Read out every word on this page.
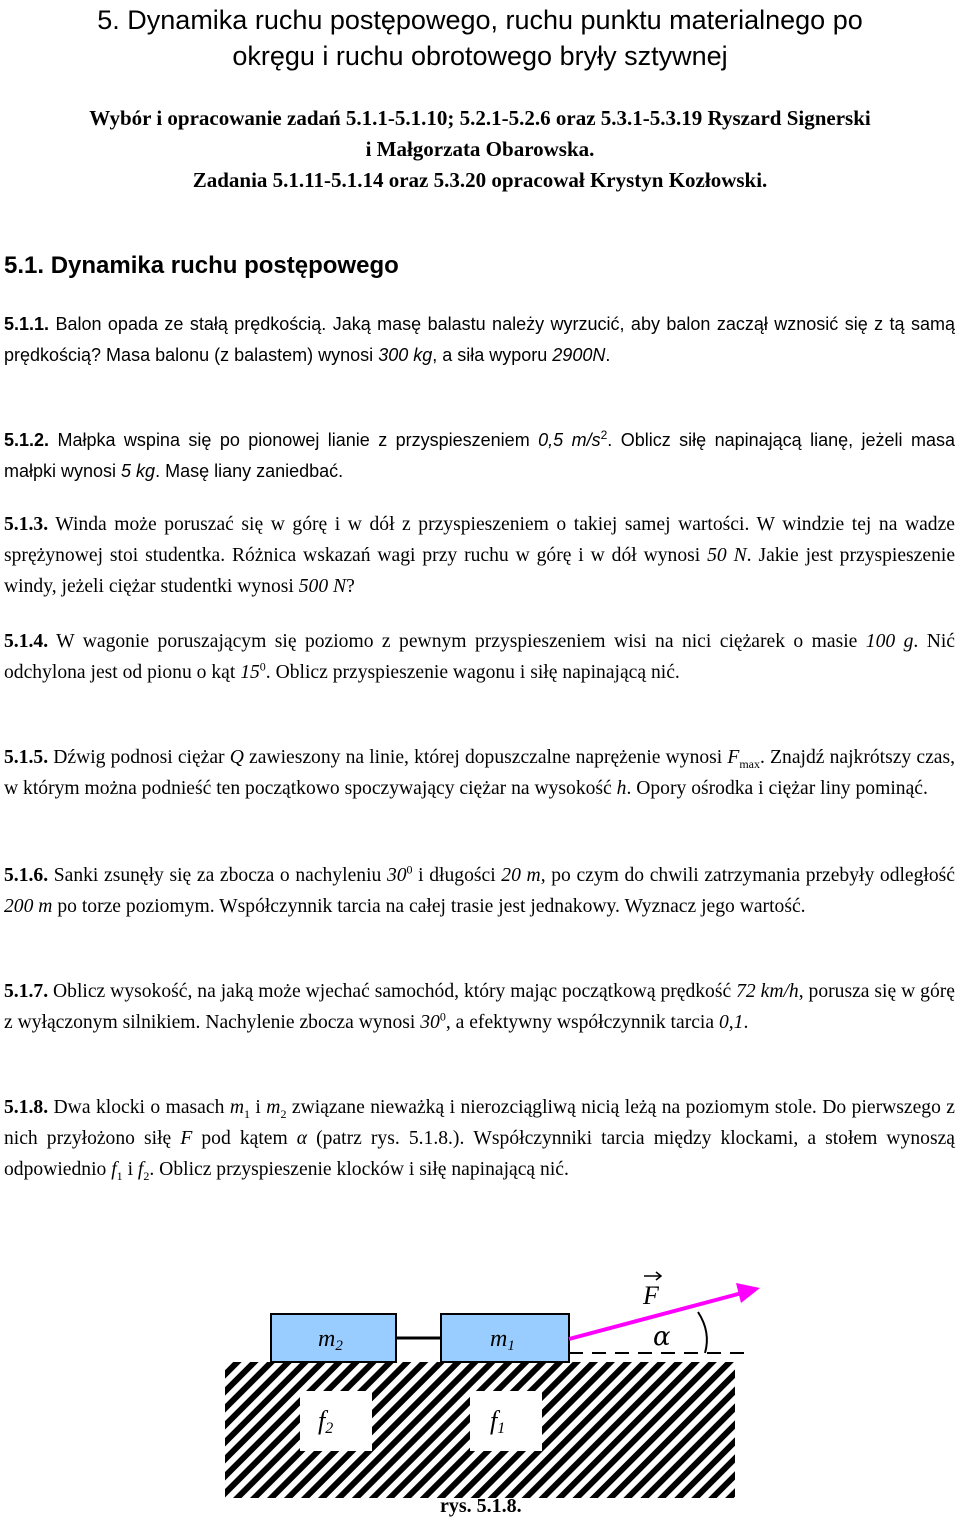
5. Dynamika ruchu postępowego, ruchu punktu materialnego po
okręgu i ruchu obrotowego bryły sztywnej
Wybór i opracowanie zadań 5.1.1-5.1.10; 5.2.1-5.2.6 oraz 5.3.1-5.3.19 Ryszard Signerski
i Małgorzata Obarowska.
Zadania 5.1.11-5.1.14 oraz 5.3.20 opracował Krystyn Kozłowski.
5.1. Dynamika ruchu postępowego
5.1.1. Balon opada ze stałą prędkością. Jaką masę balastu należy wyrzucić, aby balon zaczął wznosić się z tą samą prędkością? Masa balonu (z balastem) wynosi 300 kg, a siła wyporu 2900N.
5.1.2. Małpka wspina się po pionowej lianie z przyspieszeniem 0,5 $m/s^2$. Oblicz siłę napinającą lianę, jeżeli masa małpki wynosi 5 kg. Masę liany zaniedbać.
5.1.3. Winda może poruszać się w górę i w dół z przyspieszeniem o takiej samej wartości. W windzie tej na wadze sprężynowej stoi studentka. Różnica wskazań wagi przy ruchu w górę i w dół wynosi 50 N. Jakie jest przyspieszenie windy, jeżeli ciężar studentki wynosi 500 N?
5.1.4. W wagonie poruszającym się poziomo z pewnym przyspieszeniem wisi na nici ciężarek o masie 100 g. Nić odchylona jest od pionu o kąt $15^0$. Oblicz przyspieszenie wagonu i siłę napinającą nić.
5.1.5. Dźwig podnosi ciężar Q zawieszony na linie, której dopuszczalne naprężenie wynosi $F_{max}$. Znajdź najkrótszy czas, w którym można podnieść ten początkowo spoczywający ciężar na wysokość h. Opory ośrodka i ciężar liny pominąć.
5.1.6. Sanki zsunęły się za zbocza o nachyleniu $30^0$ i długości 20 m, po czym do chwili zatrzymania przebyły odległość 200 m po torze poziomym. Współczynnik tarcia na całej trasie jest jednakowy. Wyznacz jego wartość.
5.1.7. Oblicz wysokość, na jaką może wjechać samochód, który mając początkową prędkość 72 km/h, porusza się w górę z wyłączonym silnikiem. Nachylenie zbocza wynosi $30^0$, a efektywny współczynnik tarcia 0,1.
5.1.8. Dwa klocki o masach $m_1$ i $m_2$ związane nieważką i nierozciągliwą nicią leżą na poziomym stole. Do pierwszego z nich przyłożono siłę F pod kątem α (patrz rys. 5.1.8.). Współczynniki tarcia między klockami, a stołem wynoszą odpowiednio $f_1$ i $f_2$. Oblicz przyspieszenie klocków i siłę napinającą nić.
m2	m1
f2	f1
F
α
rys. 5.1.8.
